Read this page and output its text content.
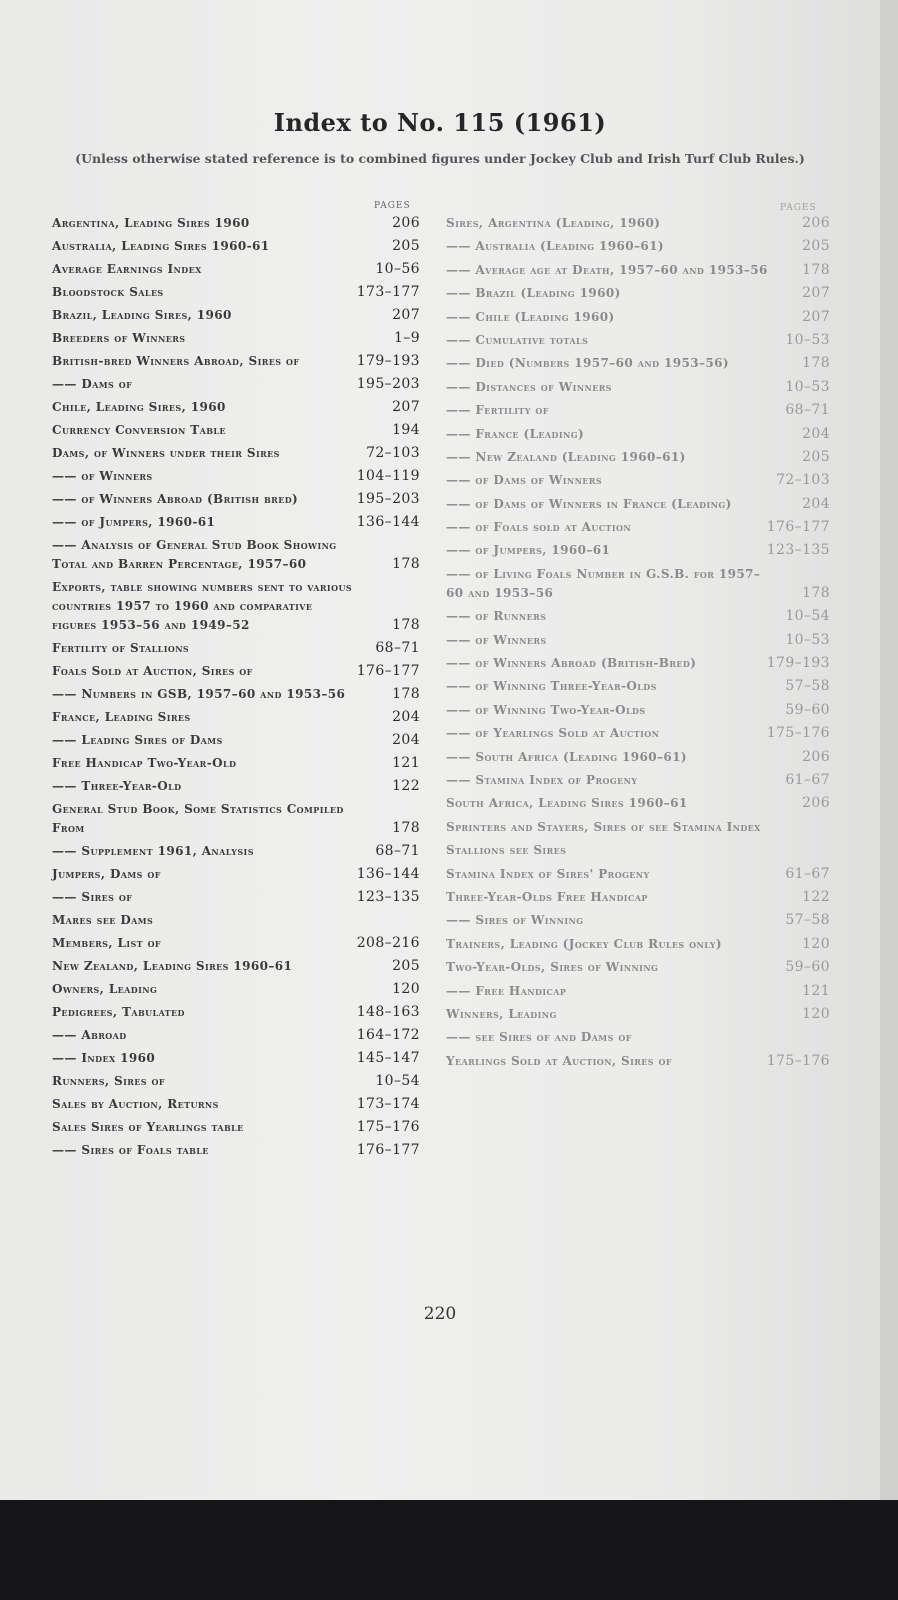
Index to No. 115 (1961)
(Unless otherwise stated reference is to combined figures under Jockey Club and Irish Turf Club Rules.)
PAGES	PAGES
Argentina, Leading Sires 1960	206
Australia, Leading Sires 1960-61	205
Average Earnings Index	10–56
Bloodstock Sales	173–177
Brazil, Leading Sires, 1960	207
Breeders of Winners	1–9
British-bred Winners Abroad, Sires of	179–193
—— Dams of	195–203
Chile, Leading Sires, 1960	207
Currency Conversion Table	194
Dams, of Winners under their Sires	72–103
—— of Winners	104–119
—— of Winners Abroad (British bred)	195–203
—— of Jumpers, 1960-61	136–144
—— Analysis of General Stud Book Showing Total and Barren Percentage, 1957–60	178
Exports, table showing numbers sent to various countries 1957 to 1960 and comparative figures 1953–56 and 1949–52	178
Fertility of Stallions	68–71
Foals Sold at Auction, Sires of	176–177
—— Numbers in GSB, 1957–60 and 1953–56	178
France, Leading Sires	204
—— Leading Sires of Dams	204
Free Handicap Two-Year-Old	121
—— Three-Year-Old	122
General Stud Book, Some Statistics Compiled From	178
—— Supplement 1961, Analysis	68–71
Jumpers, Dams of	136–144
—— Sires of	123–135
Mares see Dams
Members, List of	208–216
New Zealand, Leading Sires 1960–61	205
Owners, Leading	120
Pedigrees, Tabulated	148–163
—— Abroad	164–172
—— Index 1960	145–147
Runners, Sires of	10–54
Sales by Auction, Returns	173–174
Sales Sires of Yearlings table	175–176
—— Sires of Foals table	176–177
Sires, Argentina (Leading, 1960)	206
—— Australia (Leading 1960–61)	205
—— Average age at Death, 1957–60 and 1953–56 178
—— Brazil (Leading 1960)	207
—— Chile (Leading 1960)	207
—— Cumulative totals	10–53
—— Died (Numbers 1957–60 and 1953–56)	178
—— Distances of Winners	10–53
—— Fertility of	68–71
—— France (Leading)	204
—— New Zealand (Leading 1960–61)	205
—— of Dams of Winners	72–103
—— of Dams of Winners in France (Leading)	204
—— of Foals sold at Auction	176–177
—— of Jumpers, 1960–61	123–135
—— of Living Foals Number in G.S.B. for 1957–60 and 1953–56	178
—— of Runners	10–54
—— of Winners	10–53
—— of Winners Abroad (British-Bred)	179–193
—— of Winning Three-Year-Olds	57–58
—— of Winning Two-Year-Olds	59–60
—— of Yearlings Sold at Auction	175–176
—— South Africa (Leading 1960–61)	206
—— Stamina Index of Progeny	61–67
South Africa, Leading Sires 1960–61	206
Sprinters and Stayers, Sires of see Stamina Index
Stallions see Sires
Stamina Index of Sires' Progeny	61–67
Three-Year-Olds Free Handicap	122
—— Sires of Winning	57–58
Trainers, Leading (Jockey Club Rules only)	120
Two-Year-Olds, Sires of Winning	59–60
—— Free Handicap	121
Winners, Leading	120
—— see Sires of and Dams of
Yearlings Sold at Auction, Sires of	175–176
220
